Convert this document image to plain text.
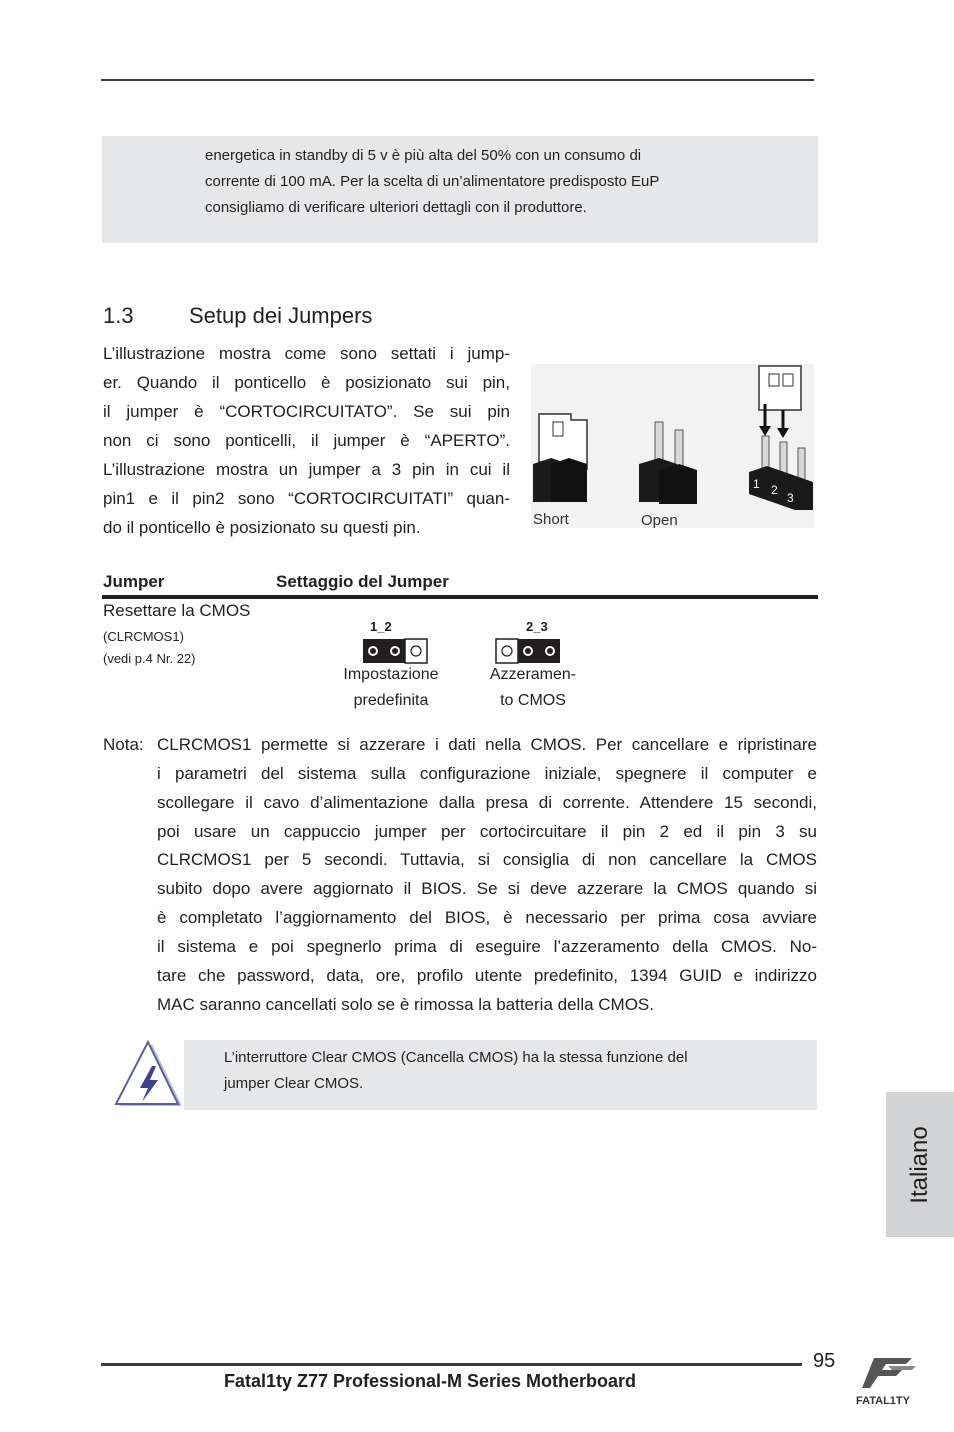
energetica in standby di 5 v è più alta del 50% con un consumo di

corrente di 100 mA. Per la scelta di un’alimentatore predisposto EuP

consigliamo di verificare ulteriori dettagli con il produttore.

1.3	Setup dei Jumpers
L’illustrazione mostra come sono settati i jump-
er. Quando il ponticello è posizionato sui pin,
il jumper è “CORTOCIRCUITATO”. Se sui pin
non ci sono ponticelli, il jumper è “APERTO”.
L’illustrazione mostra un jumper a 3 pin in cui il
pin1 e il pin2 sono “CORTOCIRCUITATI” quan-
do il ponticello è posizionato su questi pin.
1 2
3
Short	Open
Jumper	Settaggio del Jumper
Resettare la CMOS
(CLRCMOS1)
(vedi p.4 Nr. 22)
1_2
Impostazione
predefinita
2_3
Azzeramen-
to CMOS
Nota: CLRCMOS1 permette si azzerare i dati nella CMOS. Per cancellare e ripristinare
i parametri del sistema sulla configurazione iniziale, spegnere il computer e
scollegare il cavo d’alimentazione dalla presa di corrente. Attendere 15 secondi,
poi usare un cappuccio jumper per cortocircuitare il pin 2 ed il pin 3 su
CLRCMOS1 per 5 secondi. Tuttavia, si consiglia di non cancellare la CMOS
subito dopo avere aggiornato il BIOS. Se si deve azzerare la CMOS quando si
è completato l’aggiornamento del BIOS, è necessario per prima cosa avviare
il sistema e poi spegnerlo prima di eseguire l’azzeramento della CMOS. No-
tare che password, data, ore, profilo utente predefinito, 1394 GUID e indirizzo
MAC saranno cancellati solo se è rimossa la batteria della CMOS.

L’interruttore Clear CMOS (Cancella CMOS) ha la stessa funzione del

jumper Clear CMOS.

Italiano
95
Fatal1ty Z77 Professional-M Series Motherboard
FATAL1TY
